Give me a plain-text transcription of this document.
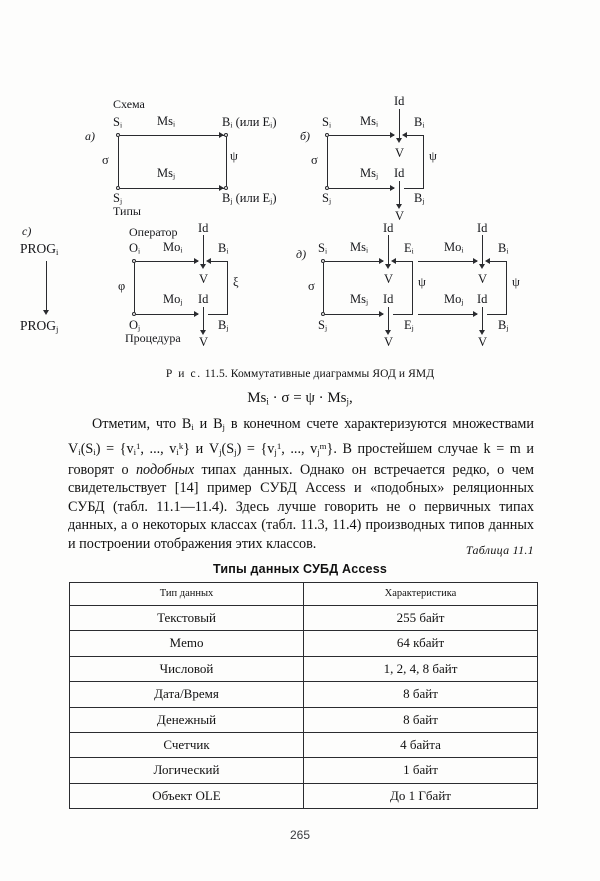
Схема
а)
$S_i$
$S_j$
$B_i$ (или $E_i$)
$B_j$ (или $E_j$)
$Ms_i$
$Ms_j$
σ	ψ
Типы
б)
$S_i$
$S_j$
$B_i$
$B_j$
$Ms_i$
$Ms_j$
σ	ψ
Id
Id
V
V
с)	Оператор
$PROG_i$
$PROG_j$
$O_i$
$O_j$
$B_i$
$B_j$
$Mo_i$
$Mo_j$
φ	ξ
Id
Id
V
V
Процедура
д) $S_i$
$S_j$
σ
$Ms_i$
$Ms_j$
$E_i$
$E_j$
ψ
Id
Id
V
V
$Mo_i$
$Mo_j$
$B_i$
$B_j$
ψ
Id
Id
V
V
Р и с. 11.5. Коммутативные диаграммы ЯОД и ЯМД
$Ms_i \cdot \sigma = \psi \cdot Ms_j$,

Отметим, что $B_i$ и $B_j$ в конечном счете характеризуются множествами $V_i(S_i) = \{v_i^1$, ..., $v_i^k$} и $V_j(S_j) = \{v_j^1$, ..., $v_j^m$}. В простейшем случае k = m и говорят о подобных типах данных. Однако он встречается редко, о чем свидетельствует [14] пример СУБД Access и «подобных» реляционных СУБД (табл. 11.1—11.4). Здесь лучше говорить не о первичных типах данных, а о некоторых классах (табл. 11.3, 11.4) производных типов данных и построении отображения этих классов.	Таблица 11.1
Типы данных СУБД Access
Тип данных	Характеристика
Текстовый	255 байт
Memo	64 кбайт
Числовой	1, 2, 4, 8 байт
Дата/Время	8 байт
Денежный	8 байт
Счетчик	4 байта
Логический	1 байт
Объект OLE	До 1 Гбайт
265
